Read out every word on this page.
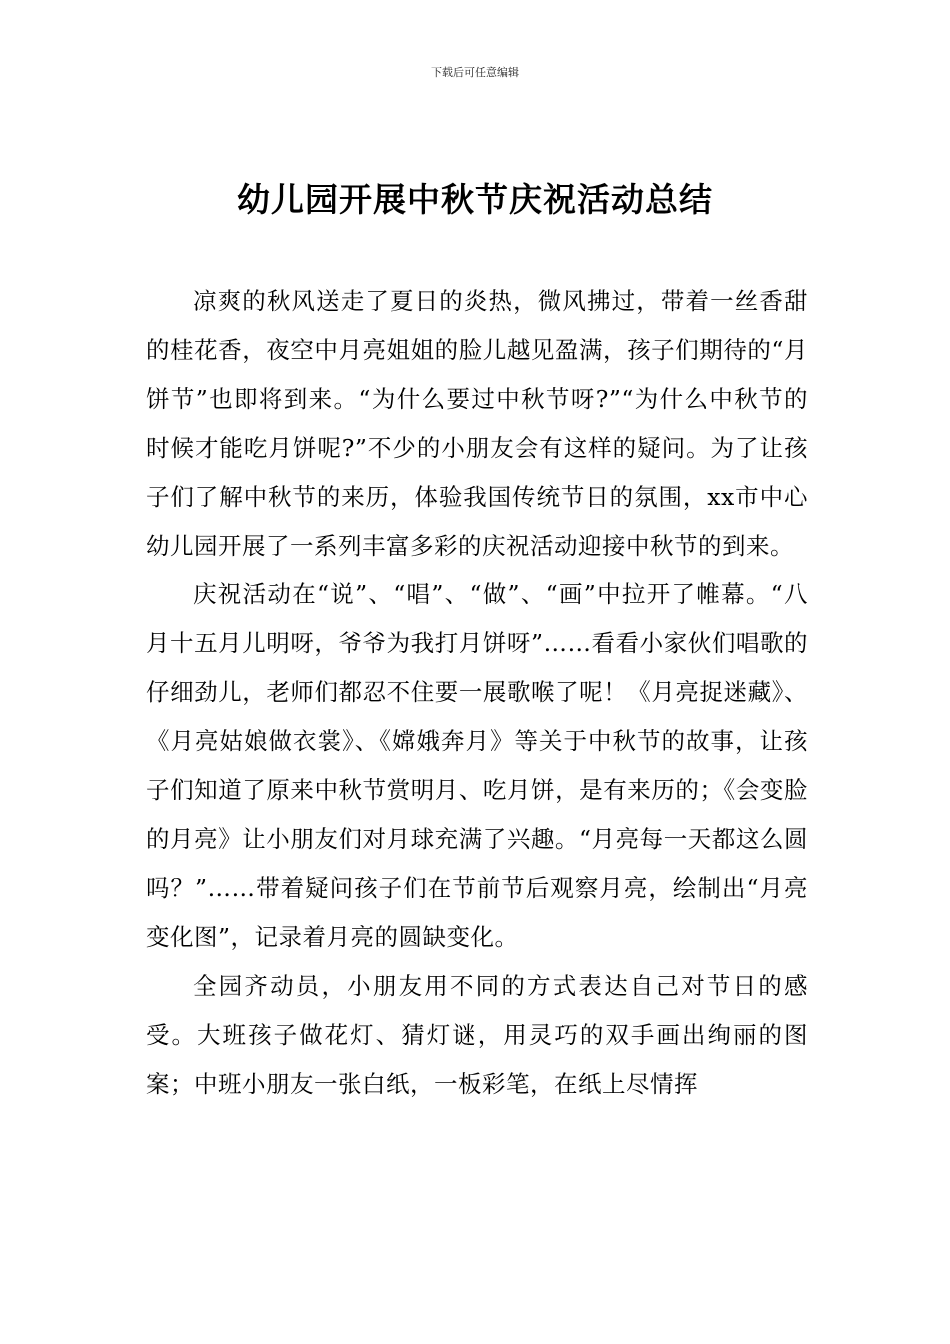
下载后可任意编辑
幼儿园开展中秋节庆祝活动总结

凉爽的秋风送走了夏日的炎热，微风拂过，带着一丝香甜的桂花香，夜空中月亮姐姐的脸儿越见盈满，孩子们期待的“月饼节”也即将到来。“为什么要过中秋节呀?”“为什么中秋节的时候才能吃月饼呢?”不少的小朋友会有这样的疑问。为了让孩子们了解中秋节的来历，体验我国传统节日的氛围，xx市中心幼儿园开展了一系列丰富多彩的庆祝活动迎接中秋节的到来。

庆祝活动在“说”、“唱”、“做”、“画”中拉开了帷幕。“八月十五月儿明呀，爷爷为我打月饼呀”……看看小家伙们唱歌的仔细劲儿，老师们都忍不住要一展歌喉了呢！《月亮捉迷藏》、《月亮姑娘做衣裳》、《嫦娥奔月》等关于中秋节的故事，让孩子们知道了原来中秋节赏明月、吃月饼，是有来历的；《会变脸的月亮》让小朋友们对月球充满了兴趣。“月亮每一天都这么圆吗？”……带着疑问孩子们在节前节后观察月亮，绘制出“月亮变化图”，记录着月亮的圆缺变化。

全园齐动员，小朋友用不同的方式表达自己对节日的感受。大班孩子做花灯、猜灯谜，用灵巧的双手画出绚丽的图案；中班小朋友一张白纸，一板彩笔，在纸上尽情挥
